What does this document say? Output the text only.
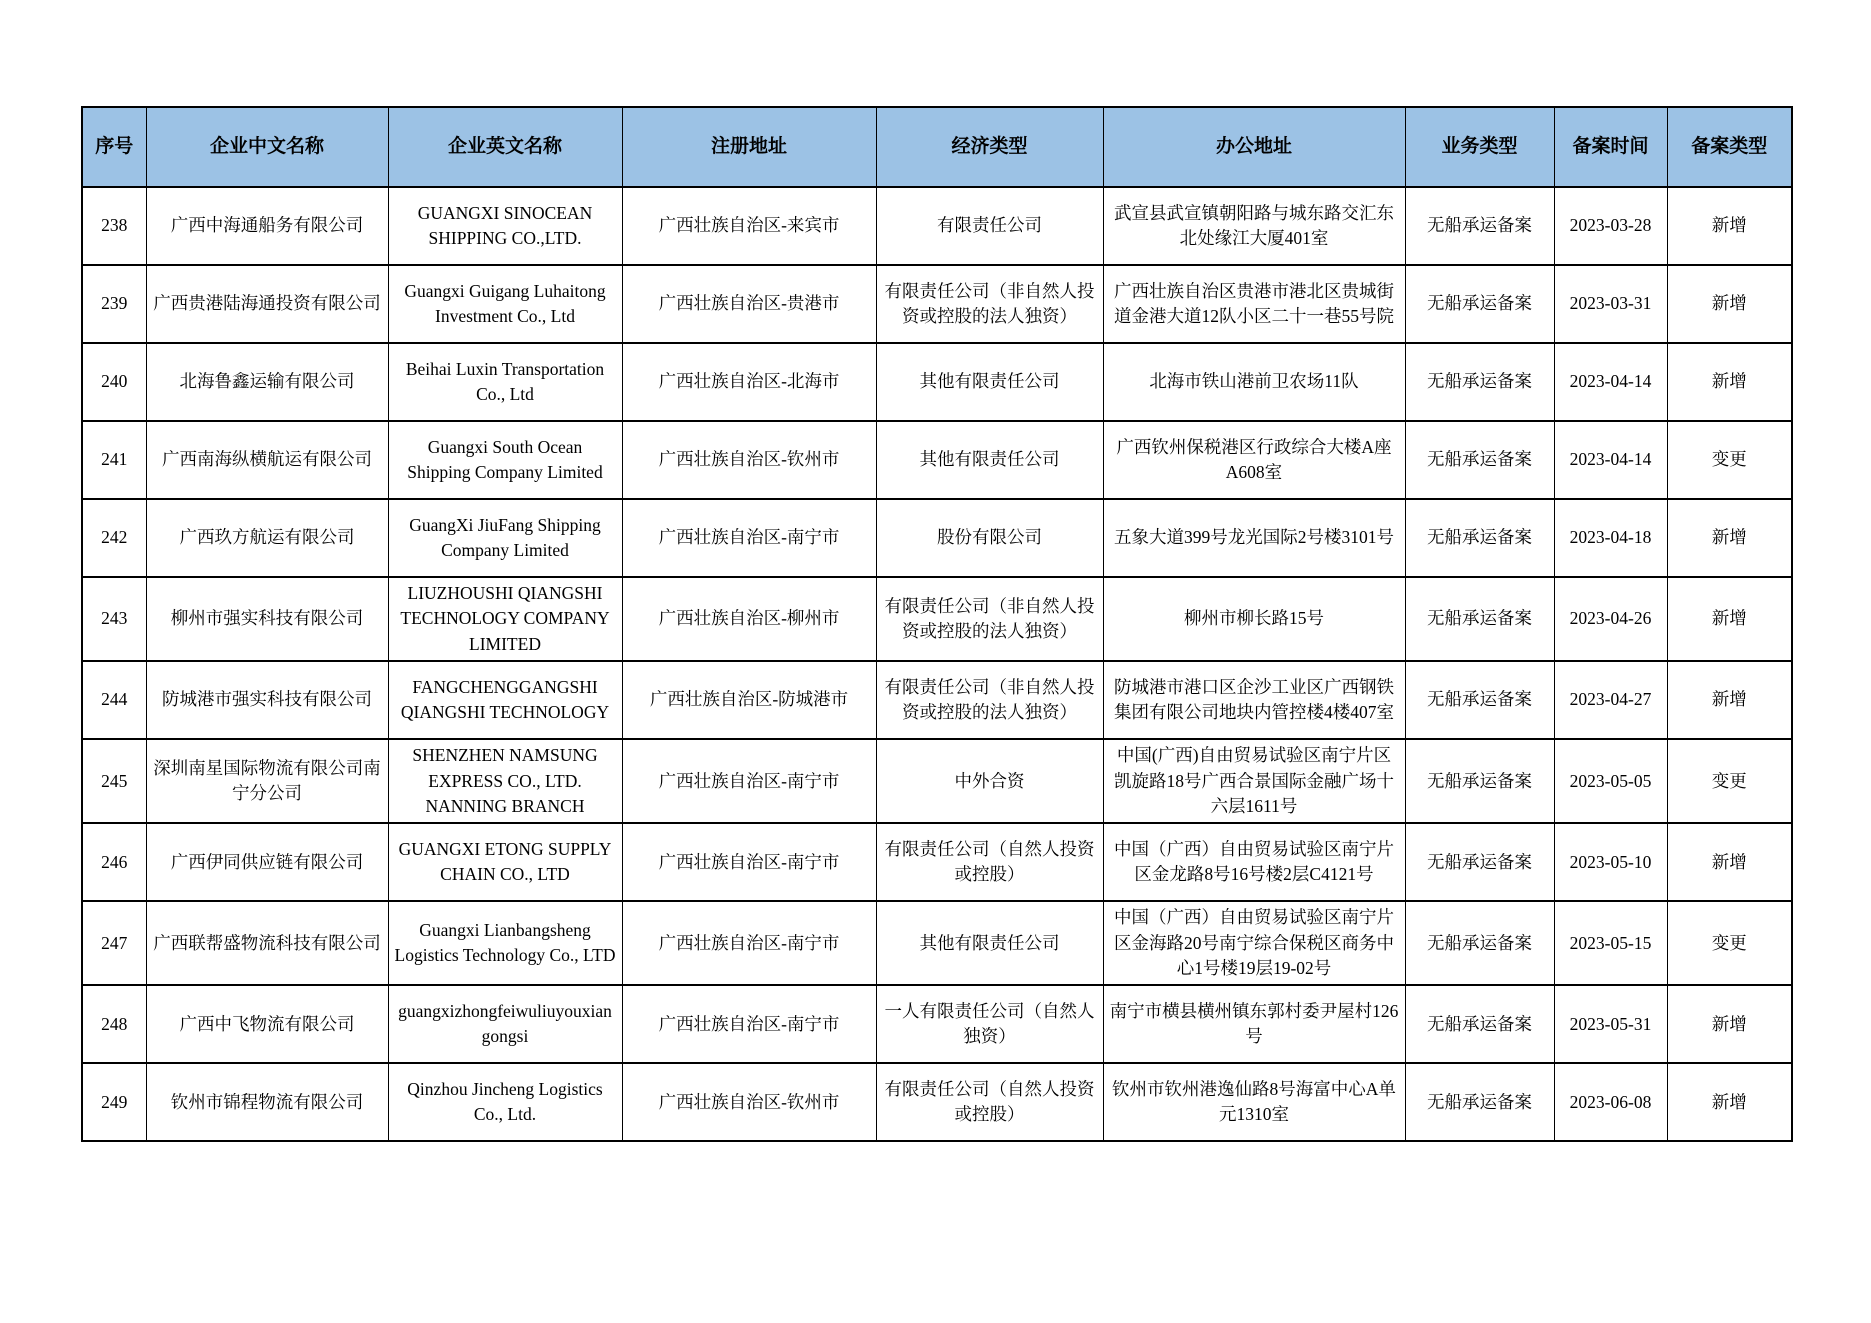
序号	企业中文名称	企业英文名称	注册地址	经济类型	办公地址	业务类型	备案时间	备案类型
238	广西中海通船务有限公司	GUANGXI SINOCEAN SHIPPING CO.,LTD.	广西壮族自治区-来宾市	有限责任公司	武宣县武宣镇朝阳路与城东路交汇东北处缘江大厦401室	无船承运备案	2023-03-28	新增
239	广西贵港陆海通投资有限公司	Guangxi Guigang Luhaitong Investment Co., Ltd	广西壮族自治区-贵港市	有限责任公司（非自然人投资或控股的法人独资）	广西壮族自治区贵港市港北区贵城街道金港大道12队小区二十一巷55号院	无船承运备案	2023-03-31	新增
240	北海鲁鑫运输有限公司	Beihai Luxin Transportation Co., Ltd	广西壮族自治区-北海市	其他有限责任公司	北海市铁山港前卫农场11队	无船承运备案	2023-04-14	新增
241	广西南海纵横航运有限公司	Guangxi South Ocean Shipping Company Limited	广西壮族自治区-钦州市	其他有限责任公司	广西钦州保税港区行政综合大楼A座A608室	无船承运备案	2023-04-14	变更
242	广西玖方航运有限公司	GuangXi JiuFang Shipping Company Limited	广西壮族自治区-南宁市	股份有限公司	五象大道399号龙光国际2号楼3101号	无船承运备案	2023-04-18	新增
243	柳州市强实科技有限公司	LIUZHOUSHI QIANGSHI TECHNOLOGY COMPANY LIMITED	广西壮族自治区-柳州市	有限责任公司（非自然人投资或控股的法人独资）	柳州市柳长路15号	无船承运备案	2023-04-26	新增
244	防城港市强实科技有限公司	FANGCHENGGANGSHI QIANGSHI TECHNOLOGY	广西壮族自治区-防城港市	有限责任公司（非自然人投资或控股的法人独资）	防城港市港口区企沙工业区广西钢铁集团有限公司地块内管控楼4楼407室	无船承运备案	2023-04-27	新增
245	深圳南星国际物流有限公司南宁分公司	SHENZHEN NAMSUNG EXPRESS CO., LTD. NANNING BRANCH	广西壮族自治区-南宁市	中外合资	中国(广西)自由贸易试验区南宁片区凯旋路18号广西合景国际金融广场十六层1611号	无船承运备案	2023-05-05	变更
246	广西伊同供应链有限公司	GUANGXI ETONG SUPPLY CHAIN CO., LTD	广西壮族自治区-南宁市	有限责任公司（自然人投资或控股）	中国（广西）自由贸易试验区南宁片区金龙路8号16号楼2层C4121号	无船承运备案	2023-05-10	新增
247	广西联帮盛物流科技有限公司	Guangxi Lianbangsheng Logistics Technology Co., LTD	广西壮族自治区-南宁市	其他有限责任公司	中国（广西）自由贸易试验区南宁片区金海路20号南宁综合保税区商务中心1号楼19层19-02号	无船承运备案	2023-05-15	变更
248	广西中飞物流有限公司	guangxizhongfeiwuliuyouxiangongsi	广西壮族自治区-南宁市	一人有限责任公司（自然人独资）	南宁市横县横州镇东郭村委尹屋村126号	无船承运备案	2023-05-31	新增
249	钦州市锦程物流有限公司	Qinzhou Jincheng Logistics Co., Ltd.	广西壮族自治区-钦州市	有限责任公司（自然人投资或控股）	钦州市钦州港逸仙路8号海富中心A单元1310室	无船承运备案	2023-06-08	新增
